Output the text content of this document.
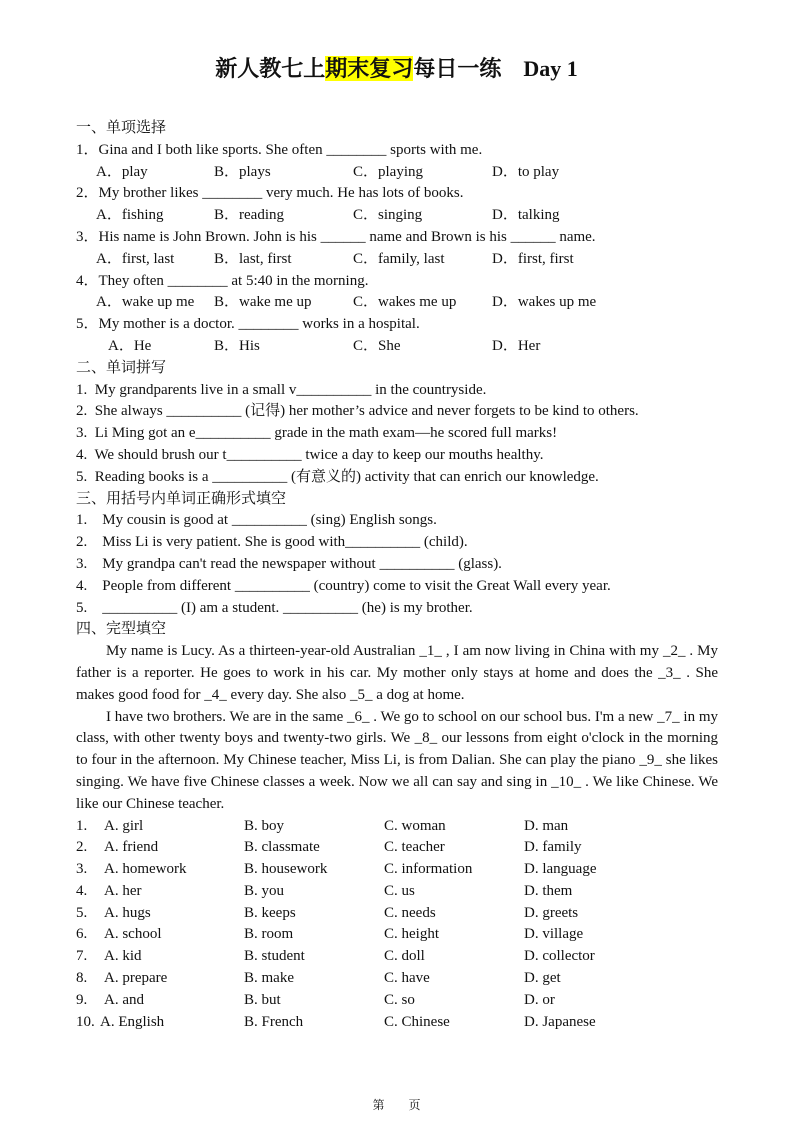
新人教七上期末复习每日一练 Day 1
一、单项选择
1．Gina and I both like sports. She often ________ sports with me.
A．play	B．plays	C．playing	D．to play
2．My brother likes ________ very much. He has lots of books.
A．fishing	B．reading	C．singing	D．talking
3．His name is John Brown. John is his ______ name and Brown is his ______ name.
A．first, last	B．last, first	C．family, last	D．first, first
4．They often ________ at 5:40 in the morning.
A．wake up me B．wake me up	C．wakes me up D．wakes up me
5．My mother is a doctor. ________ works in a hospital.
A．He	B．His	C．She	D．Her
二、单词拼写
1.  My grandparents live in a small v__________ in the countryside.
2.  She always __________ (记得) her mother’s advice and never forgets to be kind to others.
3.  Li Ming got an e__________ grade in the math exam—he scored full marks!
4.  We should brush our t__________ twice a day to keep our mouths healthy.
5.  Reading books is a __________ (有意义的) activity that can enrich our knowledge.
三、用括号内单词正确形式填空
1.    My cousin is good at __________ (sing) English songs.
2.    Miss Li is very patient. She is good with__________ (child).
3.    My grandpa can't read the newspaper without __________ (glass).
4.    People from different __________ (country) come to visit the Great Wall every year.
5.    __________ (I) am a student. __________ (he) is my brother.
四、完型填空

My name is Lucy. As a thirteen-year-old Australian _1_ , I am now living in China with my _2_ . My father is a reporter. He goes to work in his car. My mother only stays at home and does the _3_ . She makes good food for _4_ every day. She also _5_ a dog at home.

I have two brothers. We are in the same _6_ . We go to school on our school bus. I'm a new _7_ in my class, with other twenty boys and twenty-two girls. We _8_ our lessons from eight o'clock in the morning to four in the afternoon. My Chinese teacher, Miss Li, is from Dalian. She can play the piano _9_ she likes singing. We have five Chinese classes a week. Now we all can say and sing in _10_ . We like Chinese. We like our Chinese teacher.

1. A. girl	B. boy	C. woman	D. man
2. A. friend	B. classmate	C. teacher	D. family
3. A. homework	B. housework	C. information	D. language
4. A. her	B. you	C. us	D. them
5. A. hugs	B. keeps	C. needs	D. greets
6. A. school	B. room	C. height	D. village
7. A. kid	B. student	C. doll	D. collector
8. A. prepare	B. make	C. have	D. get
9. A. and	B. but	C. so	D. or
10. A. English	B. French	C. Chinese	D. Japanese
第 页
